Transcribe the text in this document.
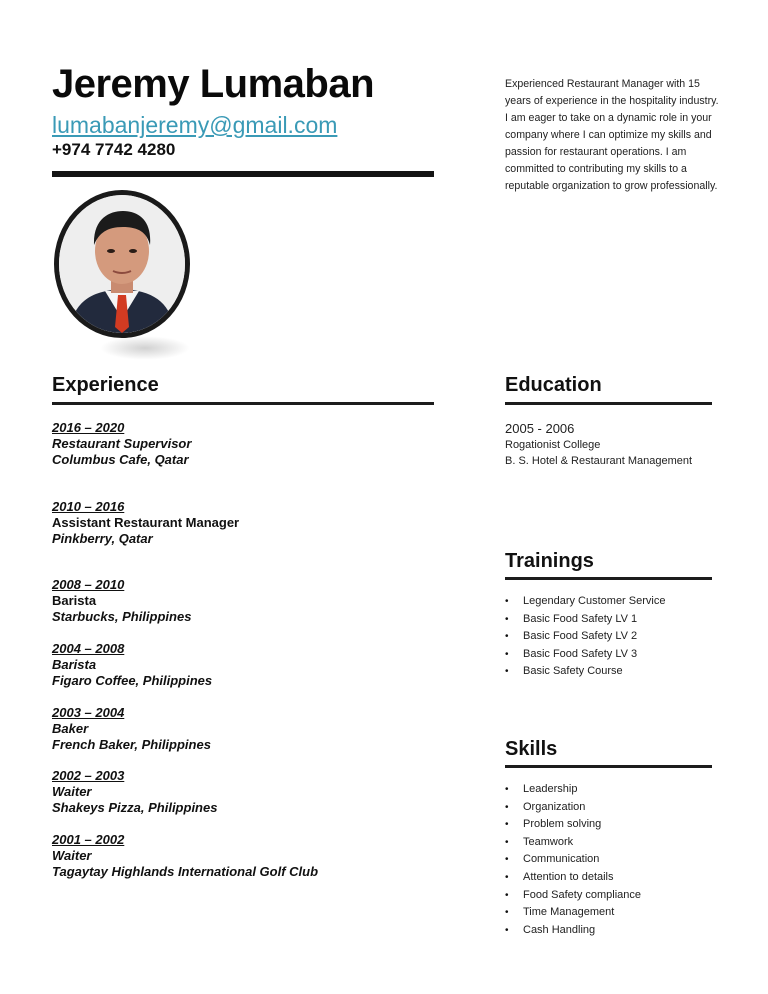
Jeremy Lumaban
lumabanjeremy@gmail.com
+974 7742 4280
Experienced Restaurant Manager with 15 years of experience in the hospitality industry. I am eager to take on a dynamic role in your company where I can optimize my skills and passion for restaurant operations. I am committed to contributing my skills to a reputable organization to grow professionally.
Experience
2016 – 2020
Restaurant Supervisor
Columbus Cafe, Qatar
2010 – 2016
Assistant Restaurant Manager
Pinkberry, Qatar
2008 – 2010
Barista
Starbucks, Philippines
2004 – 2008
Barista
Figaro Coffee, Philippines
2003 – 2004
Baker
French Baker, Philippines
2002 – 2003
Waiter
Shakeys Pizza, Philippines
2001 – 2002
Waiter
Tagaytay Highlands International Golf Club
Education
2005 - 2006
Rogationist College
B. S. Hotel & Restaurant Management
Trainings
• Legendary Customer Service
• Basic Food Safety LV 1
• Basic Food Safety LV 2
• Basic Food Safety LV 3
• Basic Safety Course
Skills
• Leadership
• Organization
• Problem solving
• Teamwork
• Communication
• Attention to details
• Food Safety compliance
• Time Management
• Cash Handling
